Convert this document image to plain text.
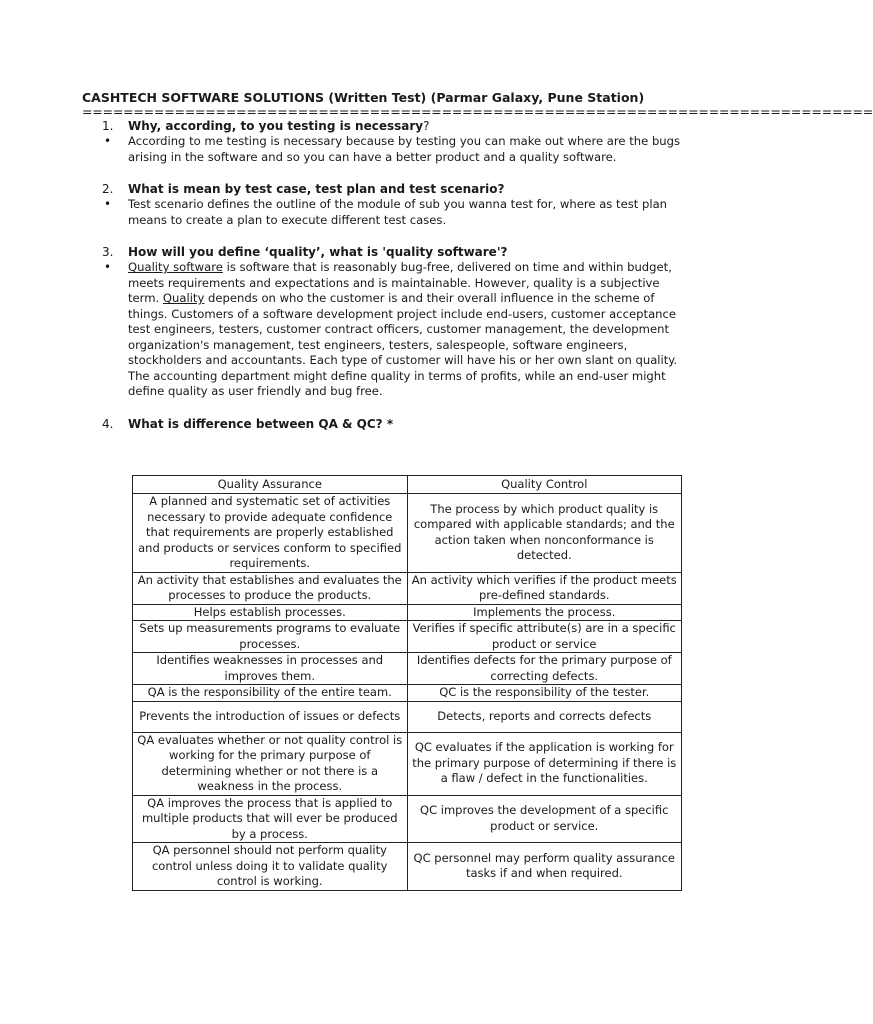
CASHTECH SOFTWARE SOLUTIONS (Written Test) (Parmar Galaxy, Pune Station)
=============================================================================
1.	Why, according, to you testing is necessary?
•	According to me testing is necessary because by testing you can make out where are the bugs arising in the software and so you can have a better product and a quality software.
2.	What is mean by test case, test plan and test scenario?
•	Test scenario defines the outline of the module of sub you wanna test for, where as test plan means to create a plan to execute different test cases.
3.	How will you define ‘quality’, what is 'quality software'?
•	Quality software is software that is reasonably bug-free, delivered on time and within budget, meets requirements and expectations and is maintainable. However, quality is a subjective term. Quality depends on who the customer is and their overall influence in the scheme of things. Customers of a software development project include end-users, customer acceptance test engineers, testers, customer contract officers, customer management, the development organization's management, test engineers, testers, salespeople, software engineers, stockholders and accountants. Each type of customer will have his or her own slant on quality. The accounting department might define quality in terms of profits, while an end-user might define quality as user friendly and bug free.
4.	What is difference between QA & QC? *
Quality Assurance	Quality Control
A planned and systematic set of activities necessary to provide adequate confidence that requirements are properly established and products or services conform to specified requirements.	The process by which product quality is compared with applicable standards; and the action taken when nonconformance is detected.
An activity that establishes and evaluates the processes to produce the products.	An activity which verifies if the product meets pre-defined standards.
Helps establish processes.	Implements the process.
Sets up measurements programs to evaluate processes.	Verifies if specific attribute(s) are in a specific product or service
Identifies weaknesses in processes and improves them.	Identifies defects for the primary purpose of correcting defects.
QA is the responsibility of the entire team.	QC is the responsibility of the tester.
Prevents the introduction of issues or defects	Detects, reports and corrects defects
QA evaluates whether or not quality control is working for the primary purpose of determining whether or not there is a weakness in the process.	QC evaluates if the application is working for the primary purpose of determining if there is a flaw / defect in the functionalities.
QA improves the process that is applied to multiple products that will ever be produced by a process.	QC improves the development of a specific product or service.
QA personnel should not perform quality control unless doing it to validate quality control is working.	QC personnel may perform quality assurance tasks if and when required.
